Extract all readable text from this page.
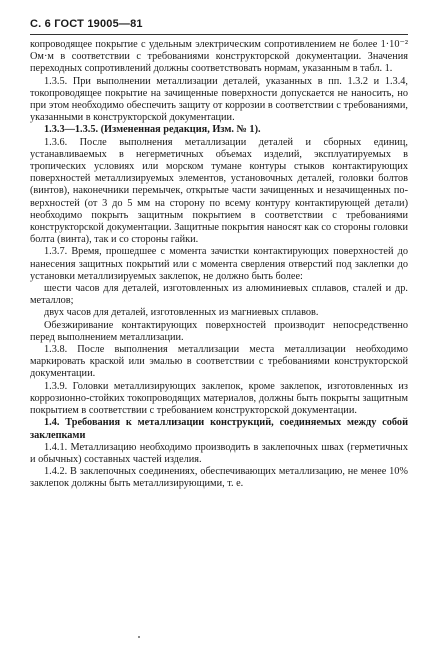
С. 6 ГОСТ 19005—81

копроводящее покрытие с удельным электрическим сопротивлением не более 1·10⁻² Ом·м в соответствии с требованиями конструкторской документации. Значения переходных сопротивлений должны соответствовать нормам, указанным в табл. 1.

1.3.5. При выполнении металлизации деталей, указанных в пп. 1.3.2 и 1.3.4, токопроводящее покрытие на зачищенные поверхности допускается не наносить, но при этом необходимо обеспечить защиту от коррозии в соответствии с требованиями, указанными в конструкторской документации.

1.3.3—1.3.5. (Измененная редакция, Изм. № 1).

1.3.6. После выполнения металлизации деталей и сборных единиц, устанавливаемых в негерметичных объемах изделий, эксплуатируемых в тропических условиях или морском тумане контуры стыков контактирующих поверхностей металлизируемых элементов, установочных деталей, головки болтов (винтов), наконечники перемычек, открытые части зачищенных и незачищенных поверхностей (от 3 до 5 мм на сторону по всему контуру контактирующей детали) необходимо покрыть защитным покрытием в соответствии с требованиями конструкторской документации. Защитные покрытия наносят как со стороны головки болта (винта), так и со стороны гайки.

1.3.7. Время, прошедшее с момента зачистки контактирующих поверхностей до нанесения защитных покрытий или с момента сверления отверстий под заклепки до установки металлизируемых заклепок, не должно быть более:

шести часов для деталей, изготовленных из алюминиевых сплавов, сталей и др. металлов;

двух часов для деталей, изготовленных из магниевых сплавов.

Обезжиривание контактирующих поверхностей производит непосредственно перед выполнением металлизации.

1.3.8. После выполнения металлизации места металлизации необходимо маркировать краской или эмалью в соответствии с требованиями конструкторской документации.

1.3.9. Головки металлизирующих заклепок, кроме заклепок, изготовленных из коррозионно-стойких токопроводящих материалов, должны быть покрыты защитным покрытием в соответствии с требованием конструкторской документации.

1.4. Требования к металлизации конструкций, соединяемых между собой заклепками

1.4.1. Металлизацию необходимо производить в заклепочных швах (герметичных и обычных) составных частей изделия.

1.4.2. В заклепочных соединениях, обеспечивающих металлизацию, не менее 10% заклепок должны быть металлизирующими, т. е.
